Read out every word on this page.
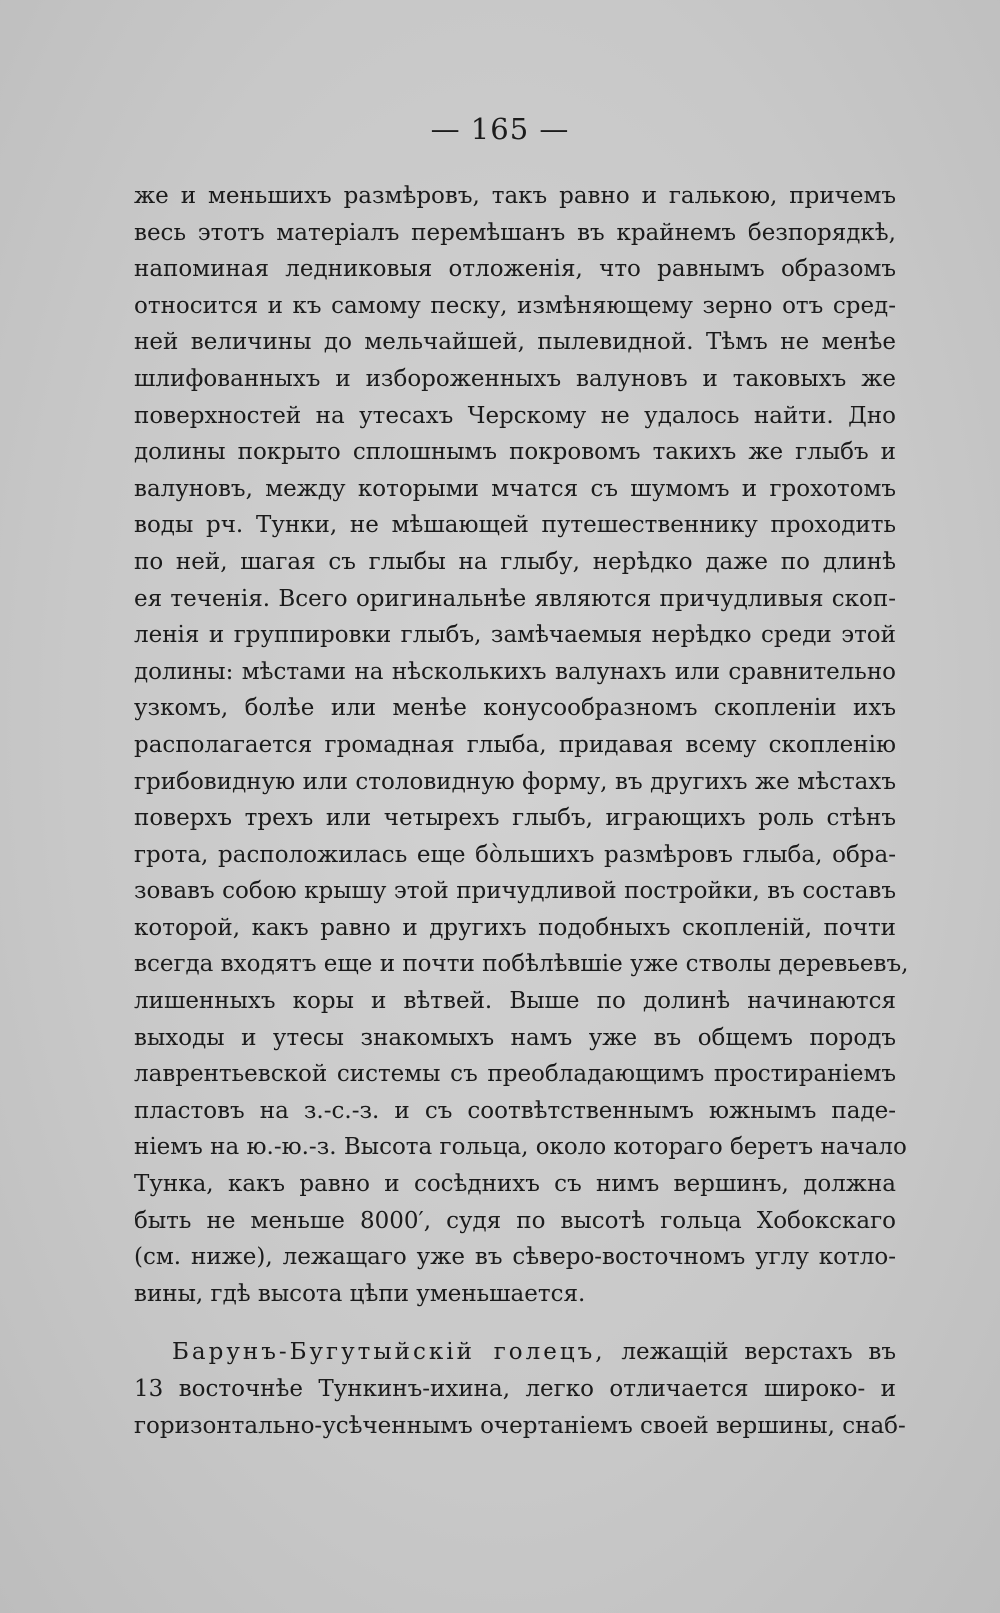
— 165 —
же и меньшихъ размѣровъ, такъ равно и галькою, причемъ
весь этотъ матеріалъ перемѣшанъ въ крайнемъ безпорядкѣ,
напоминая ледниковыя отложенія, что равнымъ образомъ
относится и къ самому песку, измѣняющему зерно отъ сред-
ней величины до мельчайшей, пылевидной. Тѣмъ не менѣе
шлифованныхъ и избороженныхъ валуновъ и таковыхъ же
поверхностей на утесахъ Черскому не удалось найти. Дно
долины покрыто сплошнымъ покровомъ такихъ же глыбъ и
валуновъ, между которыми мчатся съ шумомъ и грохотомъ
воды рч. Тунки, не мѣшающей путешественнику проходить
по ней, шагая съ глыбы на глыбу, нерѣдко даже по длинѣ
ея теченія. Всего оригинальнѣе являются причудливыя скоп-
ленія и группировки глыбъ, замѣчаемыя нерѣдко среди этой
долины: мѣстами на нѣсколькихъ валунахъ или сравнительно
узкомъ, болѣе или менѣе конусообразномъ скопленіи ихъ
располагается громадная глыба, придавая всему скопленію
грибовидную или столовидную форму, въ другихъ же мѣстахъ
поверхъ трехъ или четырехъ глыбъ, играющихъ роль стѣнъ
грота, расположилась еще бо̀льшихъ размѣровъ глыба, обра-
зовавъ собою крышу этой причудливой постройки, въ составъ
которой, какъ равно и другихъ подобныхъ скопленій, почти
всегда входятъ еще и почти побѣлѣвшіе уже стволы деревьевъ,
лишенныхъ коры и вѣтвей. Выше по долинѣ начинаются
выходы и утесы знакомыхъ намъ уже въ общемъ породъ
лаврентьевской системы съ преобладающимъ простираніемъ
пластовъ на з.-с.-з. и съ соотвѣтственнымъ южнымъ паде-
ніемъ на ю.-ю.-з. Высота гольца, около котораго беретъ начало
Тунка, какъ равно и сосѣднихъ съ нимъ вершинъ, должна
быть не меньше 8000′, судя по высотѣ гольца Хобокскаго
(см. ниже), лежащаго уже въ сѣверо-восточномъ углу котло-
вины, гдѣ высота цѣпи уменьшается.
Барунъ-Бугутыйскій голецъ, лежащій верстахъ въ
13 восточнѣе Тункинъ-ихина, легко отличается широко- и
горизонтально-усѣченнымъ очертаніемъ своей вершины, снаб-
